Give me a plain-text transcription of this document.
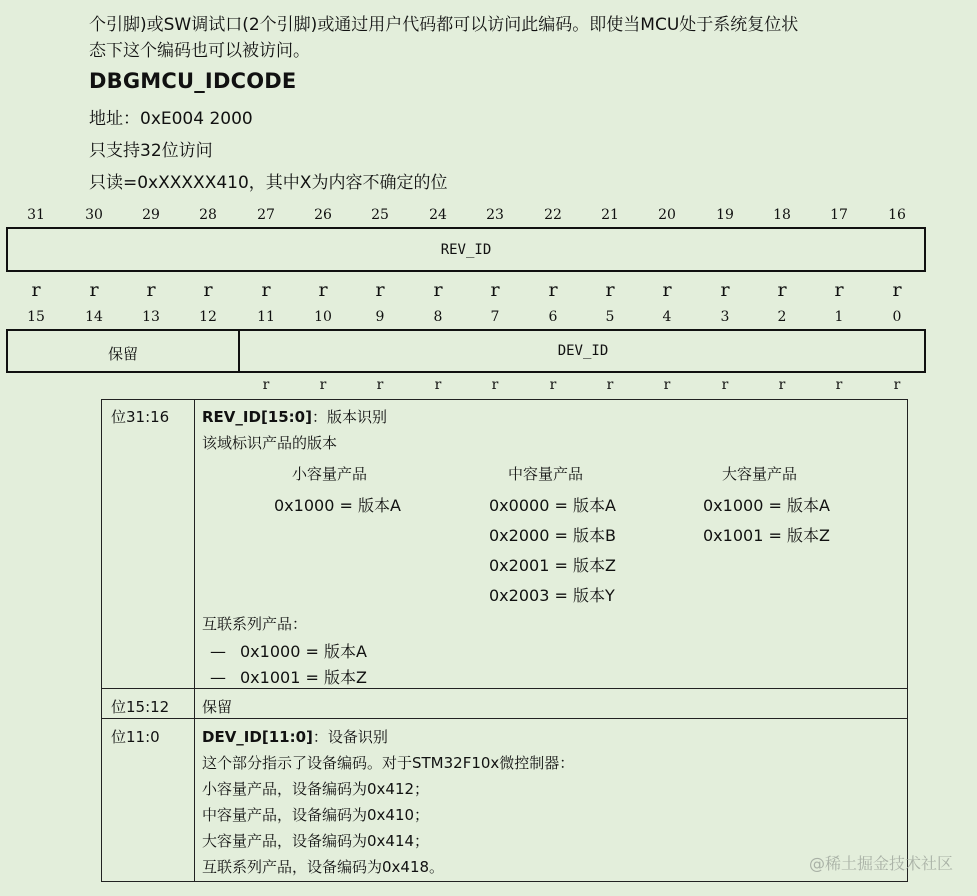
个引脚)或SW调试口(2个引脚)或通过用户代码都可以访问此编码。即使当MCU处于系统复位状
态下这个编码也可以被访问。
DBGMCU_IDCODE
地址：0xE004 2000
只支持32位访问
只读=0xXXXXX410，其中X为内容不确定的位
31	30	29	28	27	26	25	24	23	22	21	20	19	18	17	16
REV_ID
r	r	r	r	r	r	r	r	r	r	r	r	r	r	r	r
15	14	13	12	11	10	9	8	7	6	5	4	3	2	1	0
保留	DEV_ID
r	r	r	r	r	r	r	r	r	r	r	r
位31:16 REV_ID[15:0]：版本识别
该域标识产品的版本
小容量产品
0x1000 = 版本A
中容量产品
0x0000 = 版本A
0x2000 = 版本B
0x2001 = 版本Z
0x2003 = 版本Y
大容量产品
0x1000 = 版本A
0x1001 = 版本Z
互联系列产品：
— 0x1000 = 版本A
— 0x1001 = 版本Z
位15:12 保留
位11:0	DEV_ID[11:0]：设备识别
这个部分指示了设备编码。对于STM32F10x微控制器：
小容量产品，设备编码为0x412；
中容量产品，设备编码为0x410；
大容量产品，设备编码为0x414；
互联系列产品，设备编码为0x418。	@稀土掘金技术社区
